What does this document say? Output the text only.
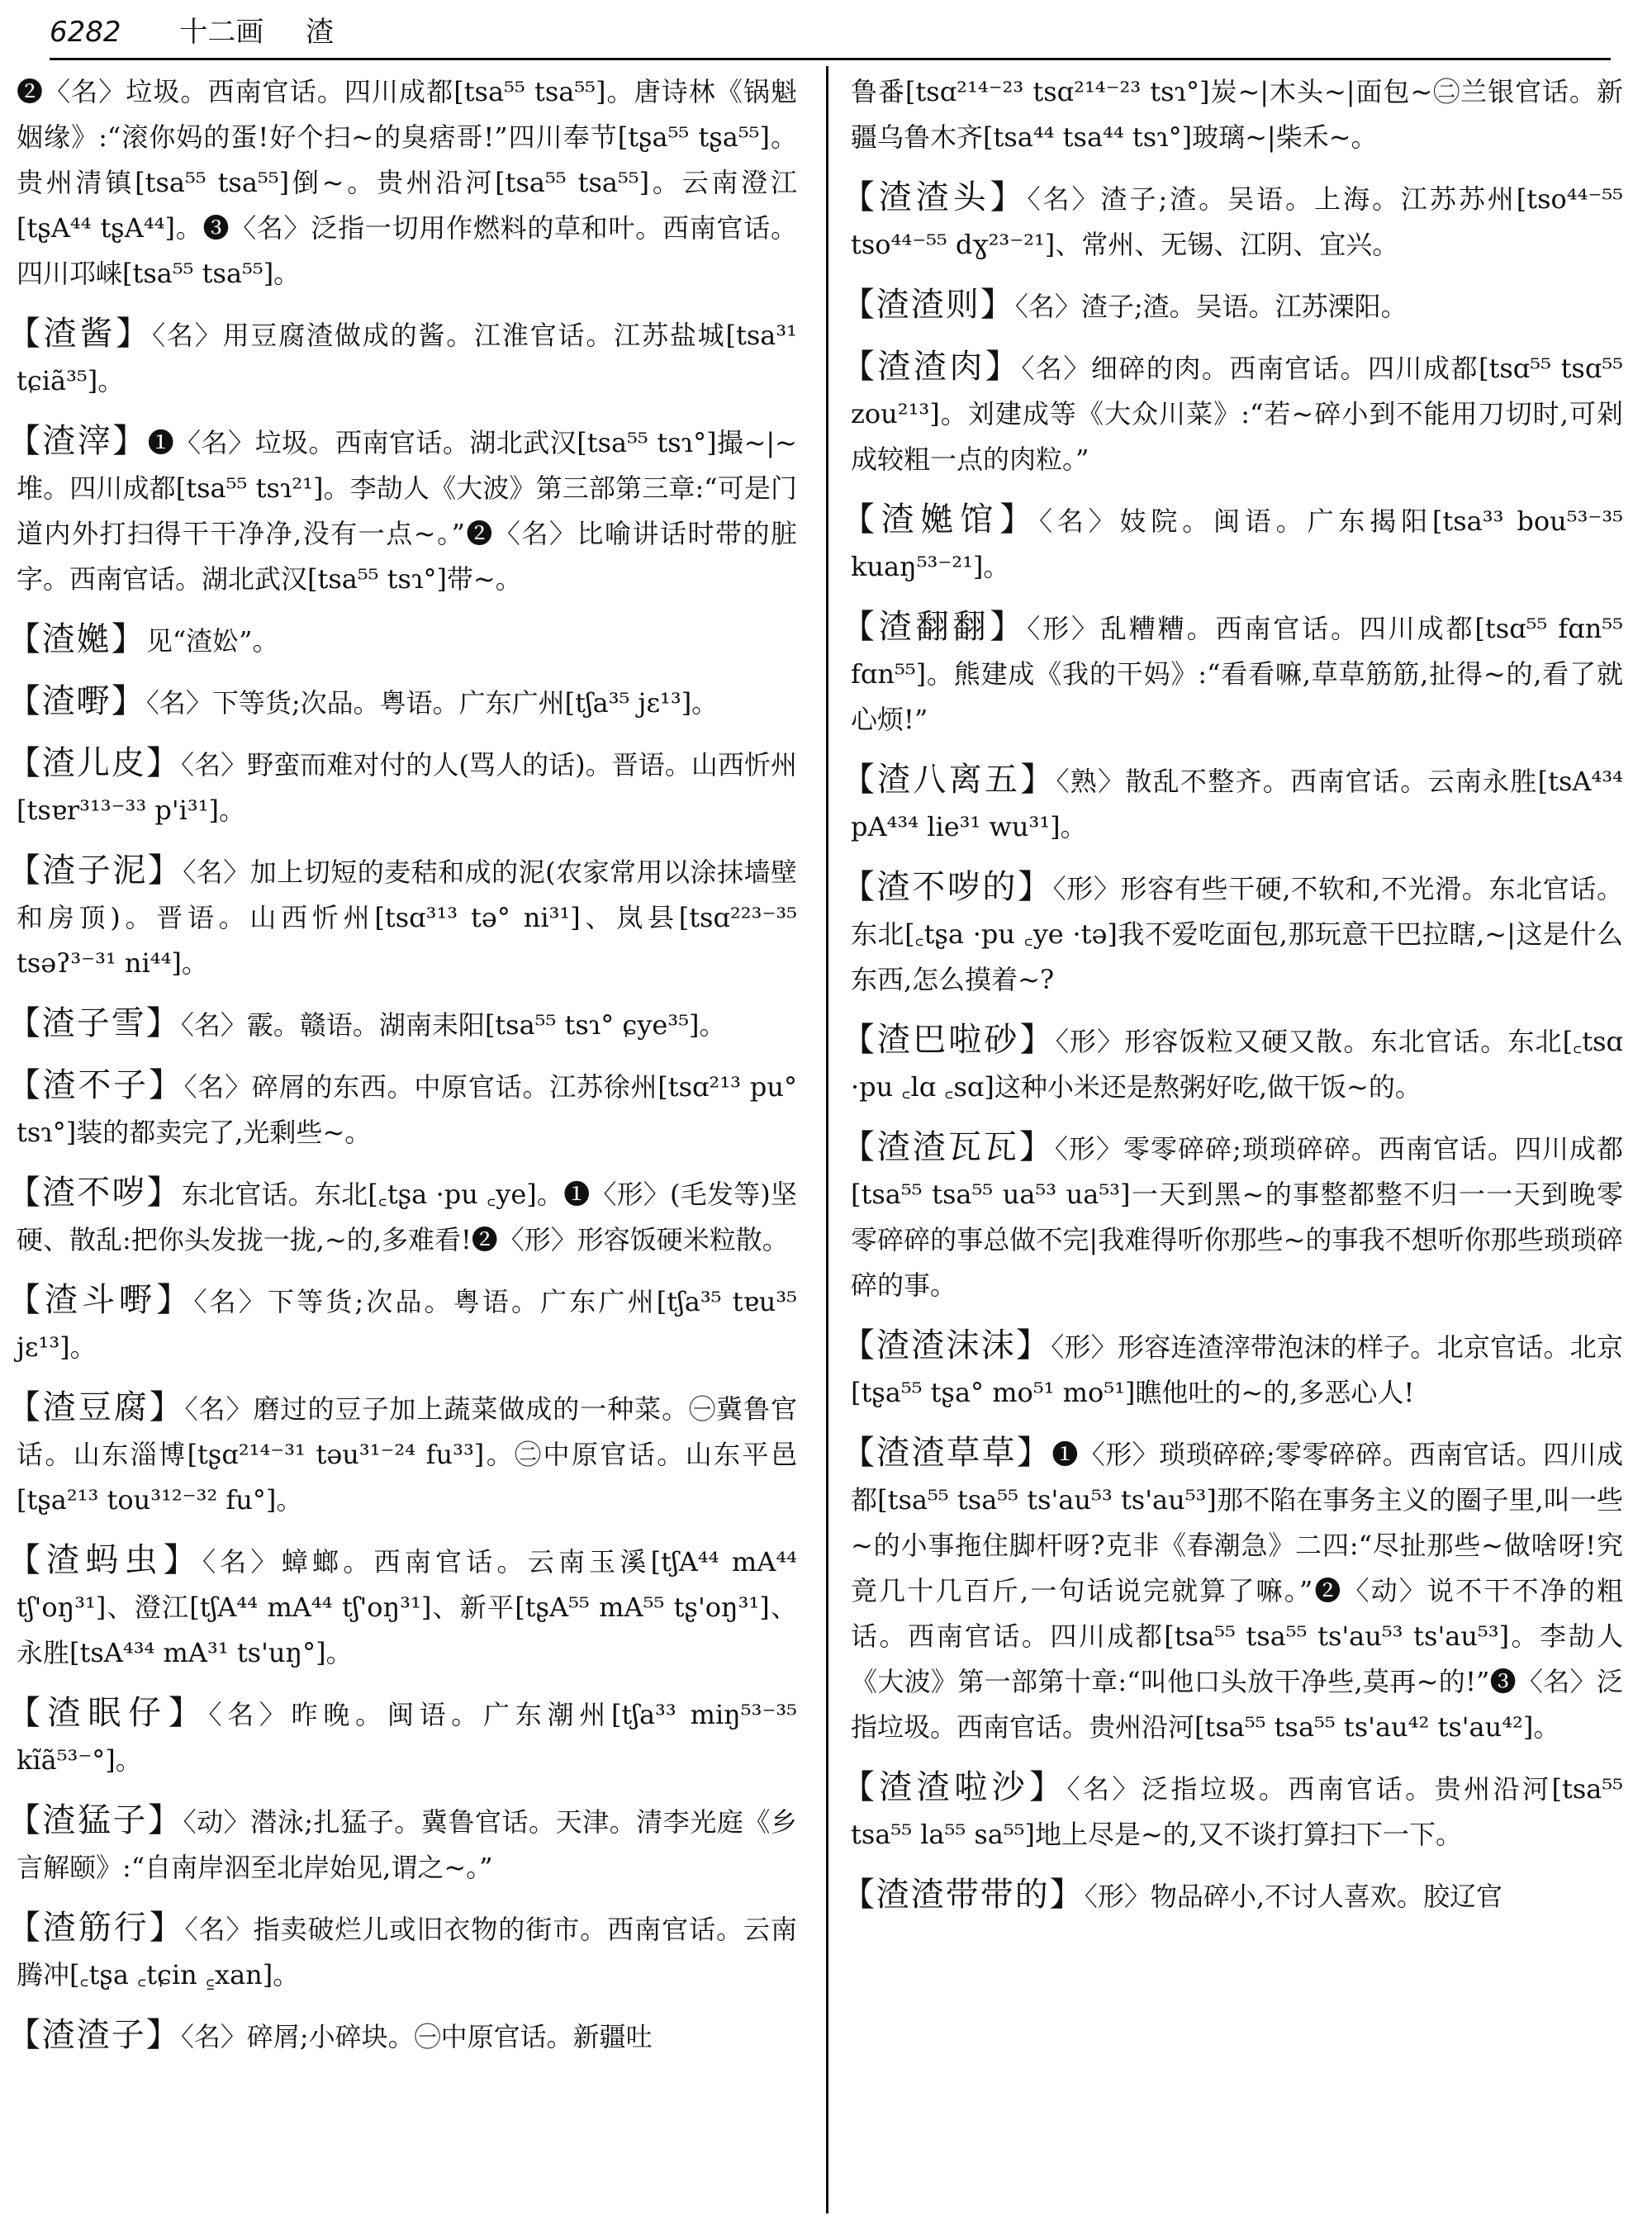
6282 十二画 渣

❷〈名〉垃圾。西南官话。四川成都[tsa⁵⁵ tsa⁵⁵]。唐诗林《锅魁姻缘》:“滚你妈的蛋!好个扫~的臭痞哥!”四川奉节[tʂa⁵⁵ tʂa⁵⁵]。贵州清镇[tsa⁵⁵ tsa⁵⁵]倒~。贵州沿河[tsa⁵⁵ tsa⁵⁵]。云南澄江[tʂA⁴⁴ tʂA⁴⁴]。❸〈名〉泛指一切用作燃料的草和叶。西南官话。四川邛崃[tsa⁵⁵ tsa⁵⁵]。

【渣酱】〈名〉用豆腐渣做成的酱。江淮官话。江苏盐城[tsa³¹ tɕiã³⁵]。

【渣滓】❶〈名〉垃圾。西南官话。湖北武汉[tsa⁵⁵ tsɿ°]撮~|~堆。四川成都[tsa⁵⁵ tsɿ²¹]。李劼人《大波》第三部第三章:“可是门道内外打扫得干干净净,没有一点~。”❷〈名〉比喻讲话时带的脏字。西南官话。湖北武汉[tsa⁵⁵ tsɿ°]带~。

【渣嬔】见“渣妐”。

【渣嘢】〈名〉下等货;次品。粤语。广东广州[tʃa³⁵ jɛ¹³]。

【渣儿皮】〈名〉野蛮而难对付的人(骂人的话)。晋语。山西忻州[tsɐr³¹³⁻³³ p'i³¹]。

【渣子泥】〈名〉加上切短的麦秸和成的泥(农家常用以涂抹墙壁和房顶)。晋语。山西忻州[tsɑ³¹³ tə° ni³¹]、岚县[tsɑ²²³⁻³⁵ tsəʔ³⁻³¹ ni⁴⁴]。

【渣子雪】〈名〉霰。赣语。湖南耒阳[tsa⁵⁵ tsɿ° ɕye³⁵]。

【渣不子】〈名〉碎屑的东西。中原官话。江苏徐州[tsɑ²¹³ pu° tsɿ°]装的都卖完了,光剩些~。

【渣不哕】东北官话。东北[꜀tʂa ·pu ꜀ye]。❶〈形〉(毛发等)坚硬、散乱:把你头发拢一拢,~的,多难看!❷〈形〉形容饭硬米粒散。

【渣斗嘢】〈名〉下等货;次品。粤语。广东广州[tʃa³⁵ tɐu³⁵ jɛ¹³]。

【渣豆腐】〈名〉磨过的豆子加上蔬菜做成的一种菜。㊀冀鲁官话。山东淄博[tʂɑ²¹⁴⁻³¹ təu³¹⁻²⁴ fu³³]。㊁中原官话。山东平邑[tʂa²¹³ tou³¹²⁻³² fu°]。

【渣蚂虫】〈名〉蟑螂。西南官话。云南玉溪[tʃA⁴⁴ mA⁴⁴ tʃ'oŋ³¹]、澄江[tʃA⁴⁴ mA⁴⁴ tʃ'oŋ³¹]、新平[tʂA⁵⁵ mA⁵⁵ tʂ'oŋ³¹]、永胜[tsA⁴³⁴ mA³¹ ts'uŋ°]。

【渣眠仔】〈名〉昨晚。闽语。广东潮州[tʃa³³ miŋ⁵³⁻³⁵ kĩã⁵³⁻°]。

【渣猛子】〈动〉潜泳;扎猛子。冀鲁官话。天津。清李光庭《乡言解颐》:“自南岸泅至北岸始见,谓之~。”

【渣筋行】〈名〉指卖破烂儿或旧衣物的街市。西南官话。云南腾冲[꜀tʂa ꜀tɕin ꜁xan]。

【渣渣子】〈名〉碎屑;小碎块。㊀中原官话。新疆吐

鲁番[tsɑ²¹⁴⁻²³ tsɑ²¹⁴⁻²³ tsɿ°]炭~|木头~|面包~㊁兰银官话。新疆乌鲁木齐[tsa⁴⁴ tsa⁴⁴ tsɿ°]玻璃~|柴禾~。

【渣渣头】〈名〉渣子;渣。吴语。上海。江苏苏州[tso⁴⁴⁻⁵⁵ tso⁴⁴⁻⁵⁵ dɣ²³⁻²¹]、常州、无锡、江阴、宜兴。

【渣渣则】〈名〉渣子;渣。吴语。江苏溧阳。

【渣渣肉】〈名〉细碎的肉。西南官话。四川成都[tsɑ⁵⁵ tsɑ⁵⁵ zou²¹³]。刘建成等《大众川菜》:“若~碎小到不能用刀切时,可剁成较粗一点的肉粒。”

【渣嬔馆】〈名〉妓院。闽语。广东揭阳[tsa³³ bou⁵³⁻³⁵ kuaŋ⁵³⁻²¹]。

【渣翻翻】〈形〉乱糟糟。西南官话。四川成都[tsɑ⁵⁵ fɑn⁵⁵ fɑn⁵⁵]。熊建成《我的干妈》:“看看嘛,草草筋筋,扯得~的,看了就心烦!”

【渣八离五】〈熟〉散乱不整齐。西南官话。云南永胜[tsA⁴³⁴ pA⁴³⁴ lie³¹ wu³¹]。

【渣不哕的】〈形〉形容有些干硬,不软和,不光滑。东北官话。东北[꜀tʂa ·pu ꜀ye ·tə]我不爱吃面包,那玩意干巴拉瞎,~|这是什么东西,怎么摸着~?

【渣巴啦砂】〈形〉形容饭粒又硬又散。东北官话。东北[꜀tsɑ ·pu ꜀lɑ ꜀sɑ]这种小米还是熬粥好吃,做干饭~的。

【渣渣瓦瓦】〈形〉零零碎碎;琐琐碎碎。西南官话。四川成都[tsa⁵⁵ tsa⁵⁵ ua⁵³ ua⁵³]一天到黑~的事整都整不归一一天到晚零零碎碎的事总做不完|我难得听你那些~的事我不想听你那些琐琐碎碎的事。

【渣渣沫沫】〈形〉形容连渣滓带泡沫的样子。北京官话。北京[tʂa⁵⁵ tʂa° mo⁵¹ mo⁵¹]瞧他吐的~的,多恶心人!

【渣渣草草】❶〈形〉琐琐碎碎;零零碎碎。西南官话。四川成都[tsa⁵⁵ tsa⁵⁵ ts'au⁵³ ts'au⁵³]那不陷在事务主义的圈子里,叫一些~的小事拖住脚杆呀?克非《春潮急》二四:“尽扯那些~做啥呀!究竟几十几百斤,一句话说完就算了嘛。”❷〈动〉说不干不净的粗话。西南官话。四川成都[tsa⁵⁵ tsa⁵⁵ ts'au⁵³ ts'au⁵³]。李劼人《大波》第一部第十章:“叫他口头放干净些,莫再~的!”❸〈名〉泛指垃圾。西南官话。贵州沿河[tsa⁵⁵ tsa⁵⁵ ts'au⁴² ts'au⁴²]。

【渣渣啦沙】〈名〉泛指垃圾。西南官话。贵州沿河[tsa⁵⁵ tsa⁵⁵ la⁵⁵ sa⁵⁵]地上尽是~的,又不谈打算扫下一下。

【渣渣带带的】〈形〉物品碎小,不讨人喜欢。胶辽官
